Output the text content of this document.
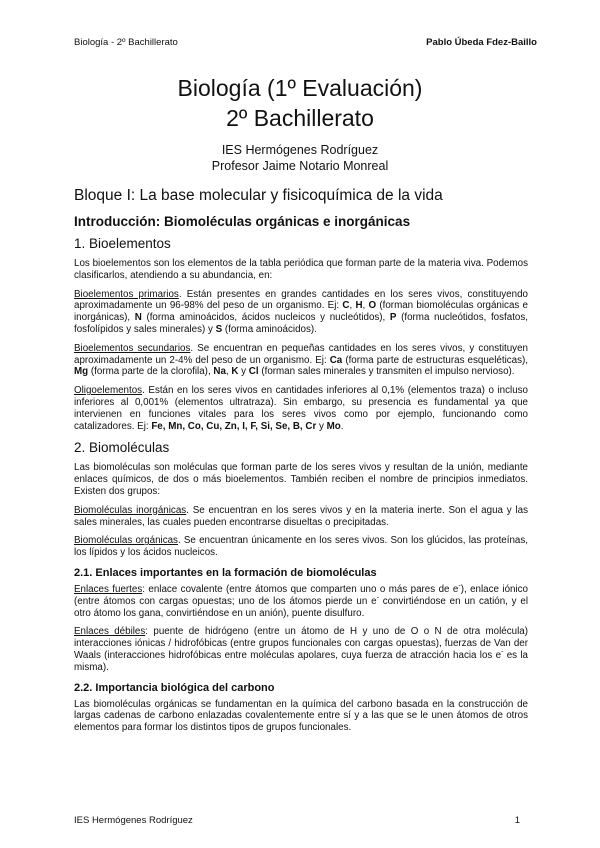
Biología - 2º Bachillerato	Pablo Úbeda Fdez-Baillo
Biología (1º Evaluación)
2º Bachillerato
IES Hermógenes Rodríguez
Profesor Jaime Notario Monreal
Bloque I: La base molecular y fisicoquímica de la vida
Introducción: Biomoléculas orgánicas e inorgánicas
1. Bioelementos

Los bioelementos son los elementos de la tabla periódica que forman parte de la materia viva. Podemos clasificarlos, atendiendo a su abundancia, en:

Bioelementos primarios. Están presentes en grandes cantidades en los seres vivos, constituyendo aproximadamente un 96-98% del peso de un organismo. Ej: C, H, O (forman biomoléculas orgánicas e inorgánicas), N (forma aminoácidos, ácidos nucleicos y nucleótidos), P (forma nucleótidos, fosfatos, fosfolípidos y sales minerales) y S (forma aminoácidos).

Bioelementos secundarios. Se encuentran en pequeñas cantidades en los seres vivos, y constituyen aproximadamente un 2-4% del peso de un organismo. Ej: Ca (forma parte de estructuras esqueléticas), Mg (forma parte de la clorofila), Na, K y Cl (forman sales minerales y transmiten el impulso nervioso).

Oligoelementos. Están en los seres vivos en cantidades inferiores al 0,1% (elementos traza) o incluso inferiores al 0,001% (elementos ultratraza). Sin embargo, su presencia es fundamental ya que intervienen en funciones vitales para los seres vivos como por ejemplo, funcionando como catalizadores. Ej: Fe, Mn, Co, Cu, Zn, I, F, Si, Se, B, Cr y Mo.

2. Biomoléculas

Las biomoléculas son moléculas que forman parte de los seres vivos y resultan de la unión, mediante enlaces químicos, de dos o más bioelementos. También reciben el nombre de principios inmediatos. Existen dos grupos:

Biomoléculas inorgánicas. Se encuentran en los seres vivos y en la materia inerte. Son el agua y las sales minerales, las cuales pueden encontrarse disueltas o precipitadas.

Biomoléculas orgánicas. Se encuentran únicamente en los seres vivos. Son los glúcidos, las proteínas, los lípidos y los ácidos nucleicos.

2.1. Enlaces importantes en la formación de biomoléculas

Enlaces fuertes: enlace covalente (entre átomos que comparten uno o más pares de e-), enlace iónico (entre átomos con cargas opuestas; uno de los átomos pierde un e- convirtiéndose en un catión, y el otro átomo los gana, convirtiéndose en un anión), puente disulfuro.

Enlaces débiles: puente de hidrógeno (entre un átomo de H y uno de O o N de otra molécula) interacciones iónicas / hidrofóbicas (entre grupos funcionales con cargas opuestas), fuerzas de Van der Waals (interacciones hidrofóbicas entre moléculas apolares, cuya fuerza de atracción hacia los e- es la misma).

2.2. Importancia biológica del carbono

Las biomoléculas orgánicas se fundamentan en la química del carbono basada en la construcción de largas cadenas de carbono enlazadas covalentemente entre sí y a las que se le unen átomos de otros elementos para formar los distintos tipos de grupos funcionales.

IES Hermógenes Rodríguez	1
